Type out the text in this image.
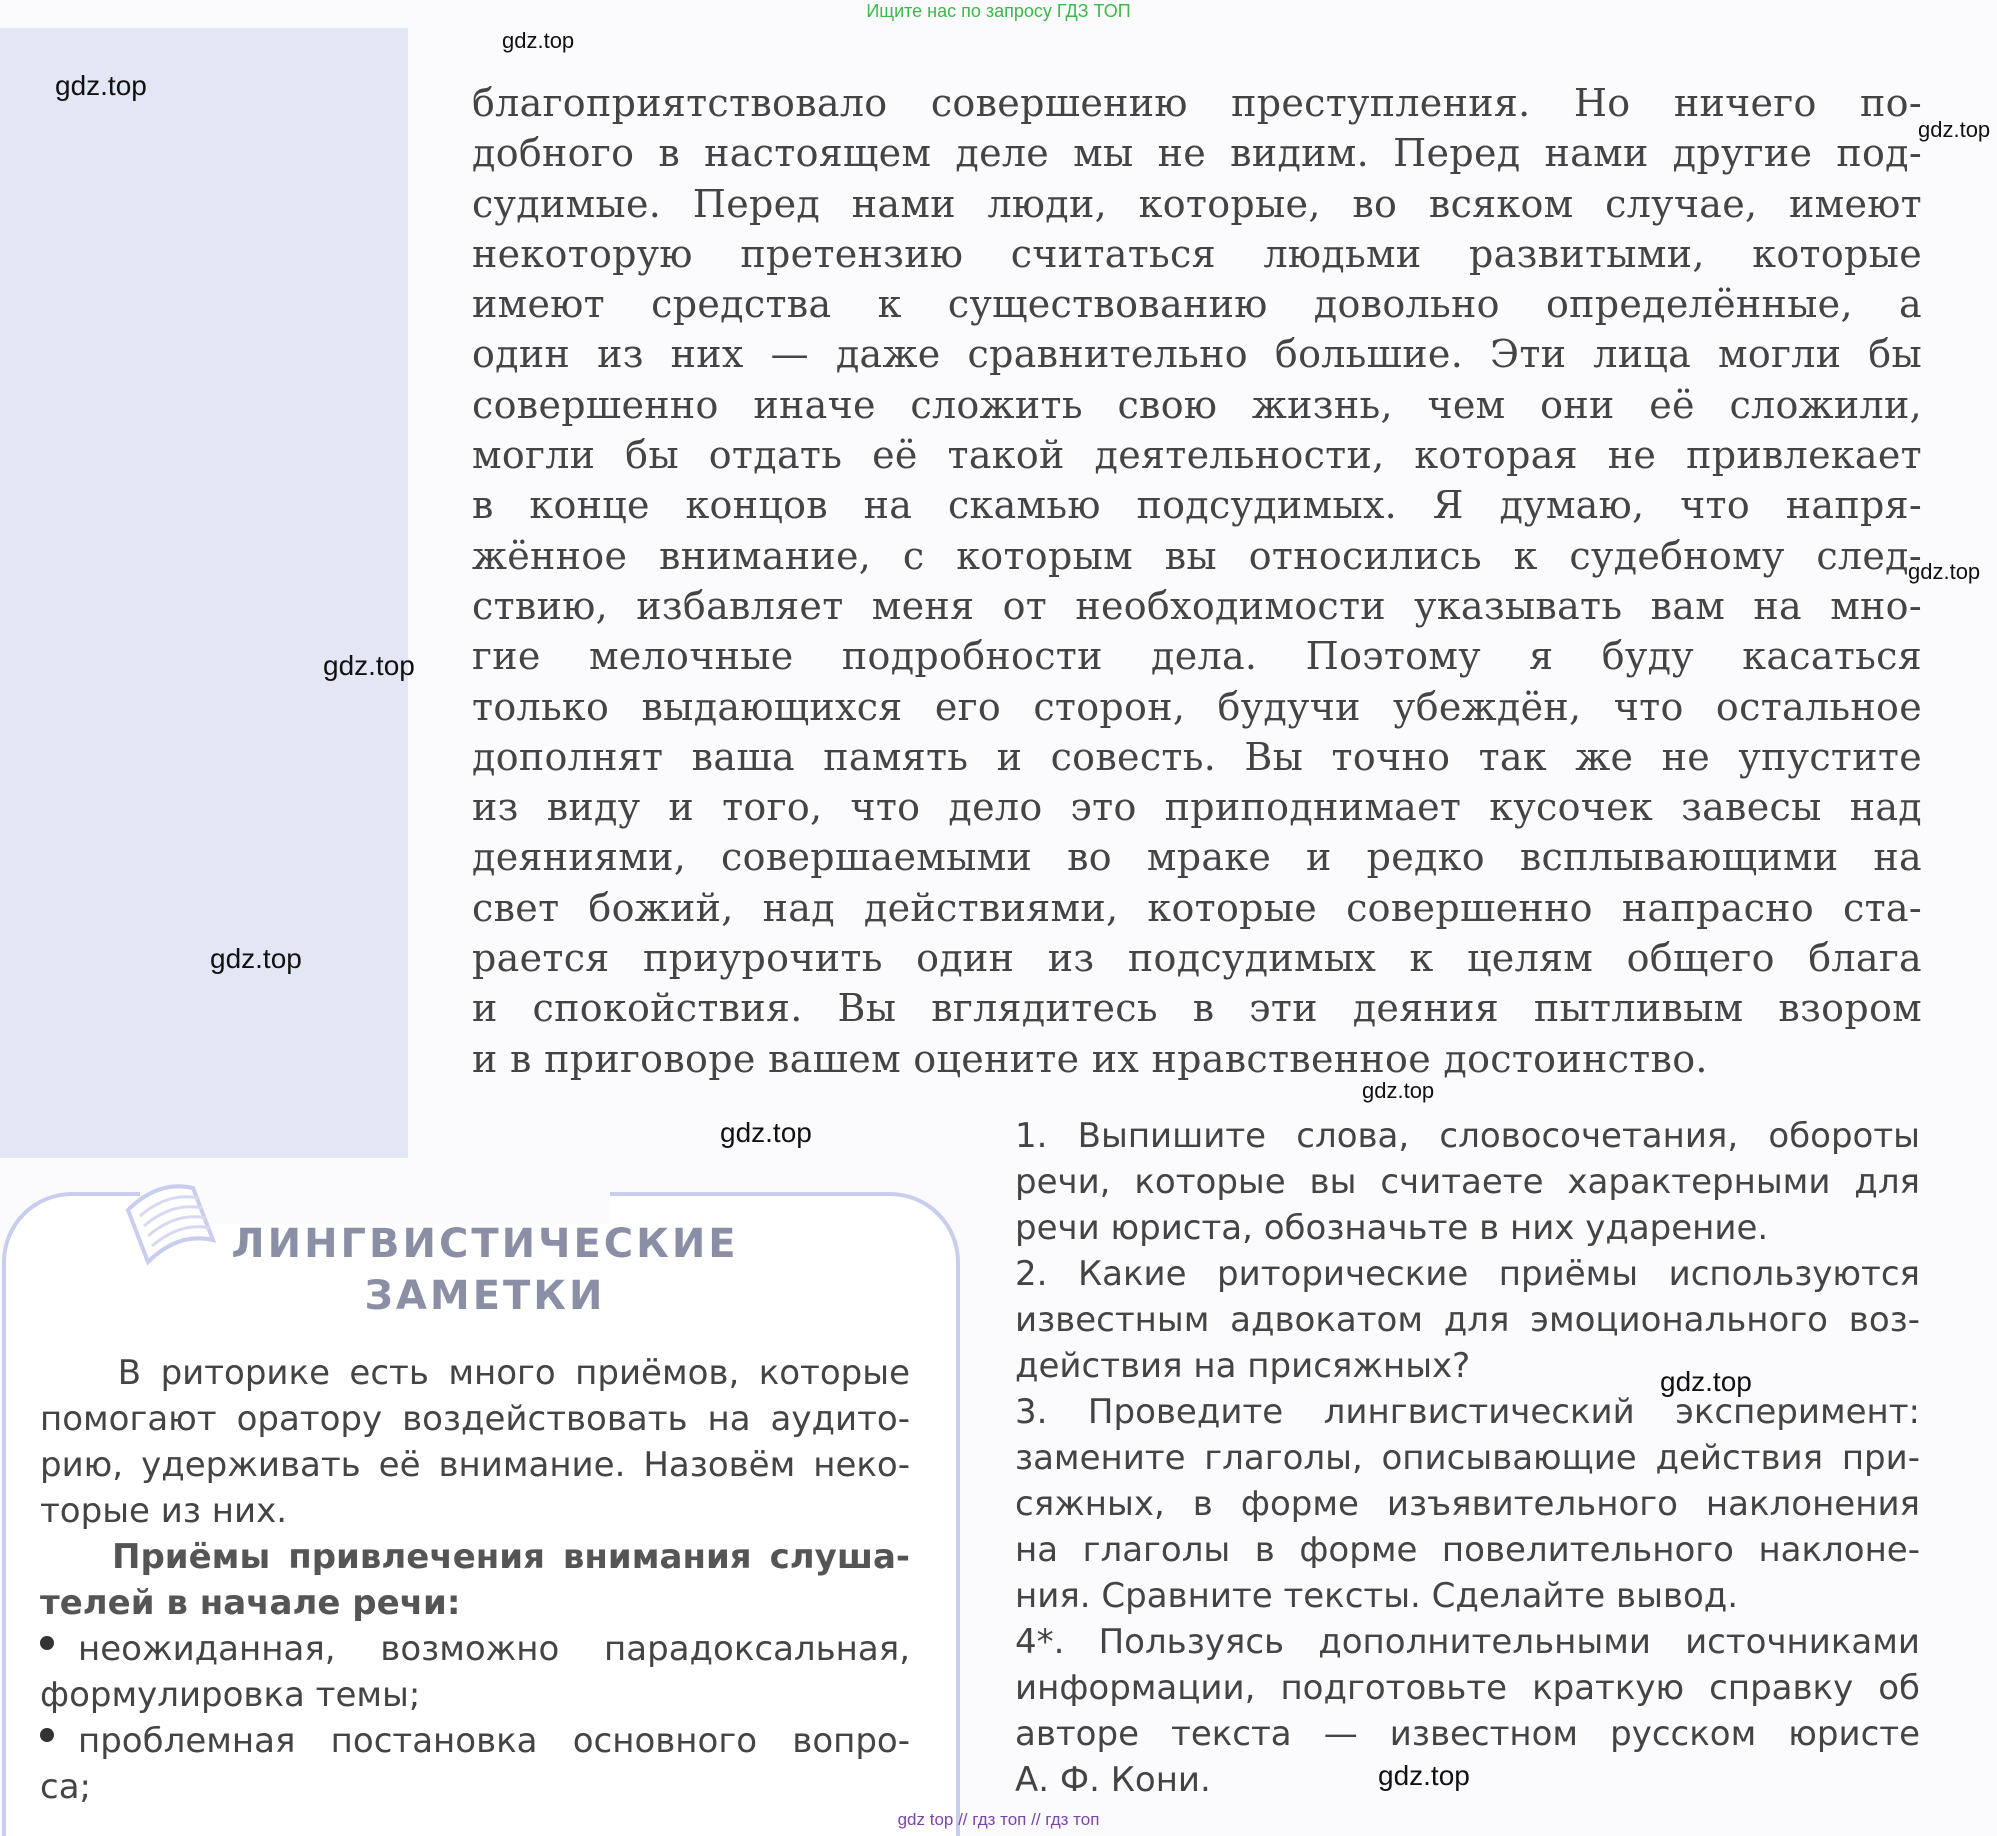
Ищите нас по запросу ГДЗ ТОП
gdz.top
gdz.top
gdz.top
gdz.top
gdz.top
gdz.top
gdz.top
gdz.top
gdz.top
gdz.top
благоприятствовало совершению преступления. Но ничего по-
добного в настоящем деле мы не видим. Перед нами другие под-
судимые. Перед нами люди, которые, во всяком случае, имеют
некоторую претензию считаться людьми развитыми, которые
имеют средства к существованию довольно определённые, а
один из них — даже сравнительно большие. Эти лица могли бы
совершенно иначе сложить свою жизнь, чем они её сложили,
могли бы отдать её такой деятельности, которая не привлекает
в конце концов на скамью подсудимых. Я думаю, что напря-
жённое внимание, с которым вы относились к судебному след-
ствию, избавляет меня от необходимости указывать вам на мно-
гие мелочные подробности дела. Поэтому я буду касаться
только выдающихся его сторон, будучи убеждён, что остальное
дополнят ваша память и совесть. Вы точно так же не упустите
из виду и того, что дело это приподнимает кусочек завесы над
деяниями, совершаемыми во мраке и редко всплывающими на
свет божий, над действиями, которые совершенно напрасно ста-
рается приурочить один из подсудимых к целям общего блага
и спокойствия. Вы вглядитесь в эти деяния пытливым взором
и в приговоре вашем оцените их нравственное достоинство.
ЛИНГВИСТИЧЕСКИЕ
ЗАМЕТКИ
В риторике есть много приёмов, которые
помогают оратору воздействовать на аудито-
рию, удерживать её внимание. Назовём неко-
торые из них.
Приёмы привлечения внимания слуша-
телей в начале речи:
неожиданная, возможно парадоксальная,
формулировка темы;
проблемная постановка основного вопро-
са;
1. Выпишите слова, словосочетания, обороты
речи, которые вы считаете характерными для
речи юриста, обозначьте в них ударение.
2. Какие риторические приёмы используются
известным адвокатом для эмоционального воз-
действия на присяжных?
3. Проведите лингвистический эксперимент:
замените глаголы, описывающие действия при-
сяжных, в форме изъявительного наклонения
на глаголы в форме повелительного наклоне-
ния. Сравните тексты. Сделайте вывод.
4*. Пользуясь дополнительными источниками
информации, подготовьте краткую справку об
авторе текста — известном русском юристе
А. Ф. Кони.
gdz top // гдз топ // гдз топ
